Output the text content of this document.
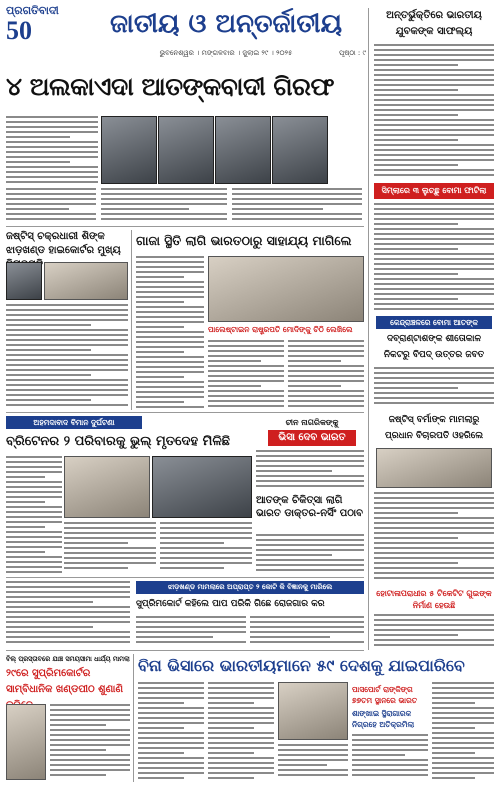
ପ୍ରଗତିବାଦୀ
50	ଜାତୀୟ ଓ ଅନ୍ତର୍ଜାତୀୟ
ଭୁବନେଶ୍ୱର । ମଙ୍ଗଳବାର । ଜୁଲାଇ ୨୯ । ୨୦୨୫	ପୃଷ୍ଠା : ୯
୪ ଅଲକାଏଦା ଆତଙ୍କବାଦୀ ଗିରଫ
ଜଷ୍ଟିସ୍ ଚକ୍ରଧାରୀ ଶିଙ୍କ ଝାଡ଼ଖଣ୍ଡ ହାଇକୋର୍ଟର ମୁଖ୍ୟ
ଗାଜା ସ୍ଥିତି ଲାଗି ଭାରତଠାରୁ ସାହାଯ୍ୟ ମାଗିଲେ
ପାଲେଷ୍ଟାଇନ ରାଷ୍ଟ୍ରପତି ମୋଦିଙ୍କୁ ଚିଠି ଲେଖିଲେ
ଅହମଦାବାଦ ବିମାନ ଦୁର୍ଘଟଣା
ବ୍ରିଟେନର ୨ ପରିବାରକୁ ଭୁଲ୍ ମୃତଦେହ ମିଳିଛି
ଚୀନ ନାଗରିକଙ୍କୁ
ଭିସା ଦେବ ଭାରତ
ଆତଙ୍କ ଚିକିତ୍ସା ଲାଗି ଭାରତ ଡାକ୍ତର-ନର୍ସିଂ ପଠାବ
ଝାଡ଼ଖଣ୍ଡ ମାମଲାରେ ଅପ୍ରାପ୍ତ ୨ କୋଟି କି ବିଜ୍ଞାନକୁ ମାରିଲେ
ସୁପ୍ରିମକୋର୍ଟ କହିଲେ ପାପ ପରିକି ଗିଛେ ରୋଜଗାର କର
ବିଲ୍ ପ୍ରସ୍ତାବରେ ଯାଞ୍ଚ ସମୟସୀମା ଧାର୍ଯ୍ୟ ମାମଲା
୨୯ରେ ସୁପ୍ରିମକୋର୍ଟର ସାମ୍ବିଧାନିକ ଖଣ୍ଡପୀଠ ଶୁଣାଣି
ବିନା ଭିସାରେ ଭାରତୀୟମାନେ ୫୯ ଦେଶକୁ ଯାଇପାରିବେ
ପାସପୋର୍ଟ ରାଙ୍କିଙ୍ଗ ୭୭ତମ ସ୍ଥାନରେ ଭାରତ
ଶାଙ୍ଖାଇ ସ୍ଥିରାଗାରକ ନିଗ୍ରହେ ଅତିକ୍ରମିଲା
ଅନ୍ତର୍ଭୁକ୍ତିରେ ଭାରତୀୟ ଯୁବକଙ୍କ ସାଫଲ୍ୟ
ସିମ୍‌ଲାରେ ୩ ଲୁଚ୍ଛୁ ବୋମା ଫାଟିଲା
କେନ୍ଦ୍ରାଞ୍ଚଳରେ ବୋମା ଆତଙ୍କ
ଦବ୍ରାଣ୍ଟାଶଙ୍କ ଶୀତୋକାଳ ନିକଟରୁ ବିପଦ୍ ଉତ୍ତର ଜବତ
ଜଷ୍ଟିସ୍ ବର୍ମାଙ୍କ ମାମଲାରୁ ପ୍ରଧାନ ବିଚାରପତି ଓହରିଲେ
ହୋଟାଳାପରାଧୀର ୫ ଟିକେଟିଟ ଗୁଇଙ୍କ ନିର୍ମାଣ ହେଉଛି
